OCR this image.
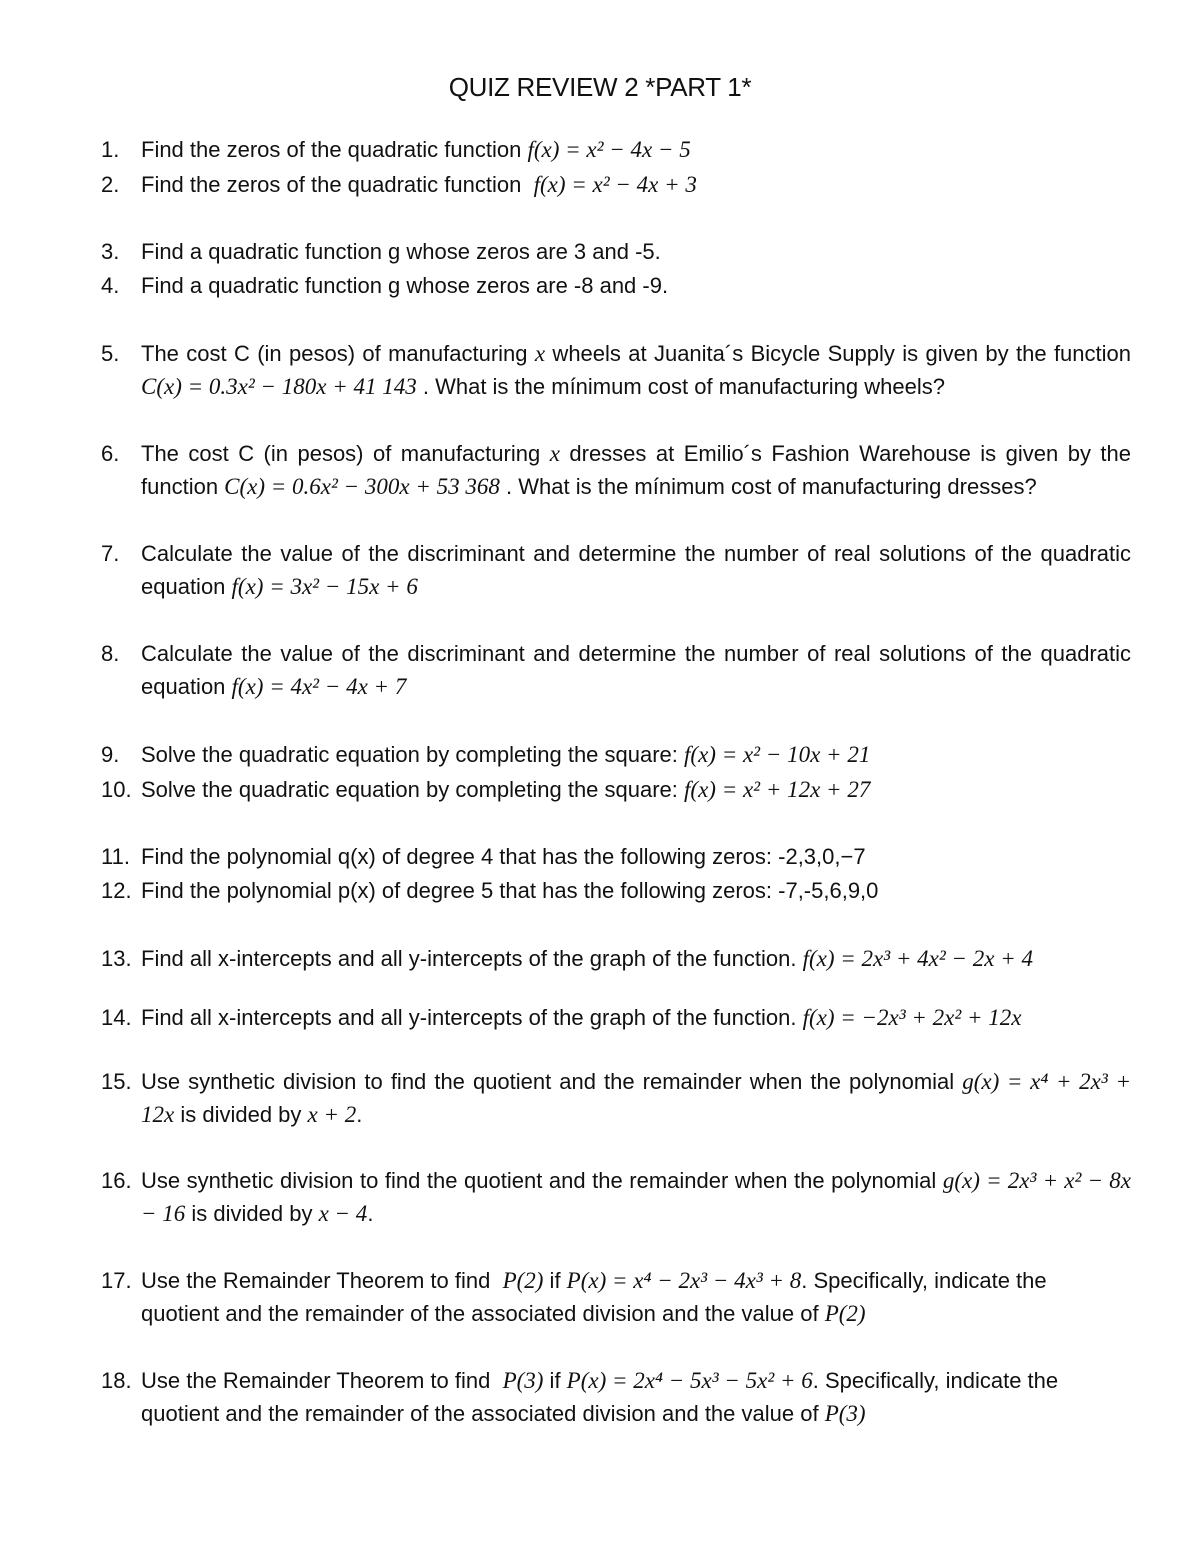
QUIZ REVIEW 2 *PART 1*
1. Find the zeros of the quadratic function f(x) = x² − 4x − 5
2. Find the zeros of the quadratic function  f(x) = x² − 4x + 3
3. Find a quadratic function g whose zeros are 3 and -5.
4. Find a quadratic function g whose zeros are -8 and -9.
5. The cost C (in pesos) of manufacturing x wheels at Juanita´s Bicycle Supply is given by the function C(x) = 0.3x² − 180x + 41 143 . What is the mínimum cost of manufacturing wheels?
6. The cost C (in pesos) of manufacturing x dresses at Emilio´s Fashion Warehouse is given by the function C(x) = 0.6x² − 300x + 53 368 . What is the mínimum cost of manufacturing dresses?
7. Calculate the value of the discriminant and determine the number of real solutions of the quadratic equation f(x) = 3x² − 15x + 6
8. Calculate the value of the discriminant and determine the number of real solutions of the quadratic equation f(x) = 4x² − 4x + 7
9. Solve the quadratic equation by completing the square: f(x) = x² − 10x + 21
10. Solve the quadratic equation by completing the square: f(x) = x² + 12x + 27
11. Find the polynomial q(x) of degree 4 that has the following zeros: -2,3,0,−7
12. Find the polynomial p(x) of degree 5 that has the following zeros: -7,-5,6,9,0
13. Find all x-intercepts and all y-intercepts of the graph of the function. f(x) = 2x³ + 4x² − 2x + 4
14. Find all x-intercepts and all y-intercepts of the graph of the function. f(x) = −2x³ + 2x² + 12x
15. Use synthetic division to find the quotient and the remainder when the polynomial g(x) = x⁴ + 2x³ + 12x is divided by x + 2.
16. Use synthetic division to find the quotient and the remainder when the polynomial g(x) = 2x³ + x² − 8x − 16 is divided by x − 4.
17. Use the Remainder Theorem to find  P(2) if P(x) = x⁴ − 2x³ − 4x³ + 8. Specifically, indicate the quotient and the remainder of the associated division and the value of P(2)
18. Use the Remainder Theorem to find  P(3) if P(x) = 2x⁴ − 5x³ − 5x² + 6. Specifically, indicate the quotient and the remainder of the associated division and the value of P(3)
